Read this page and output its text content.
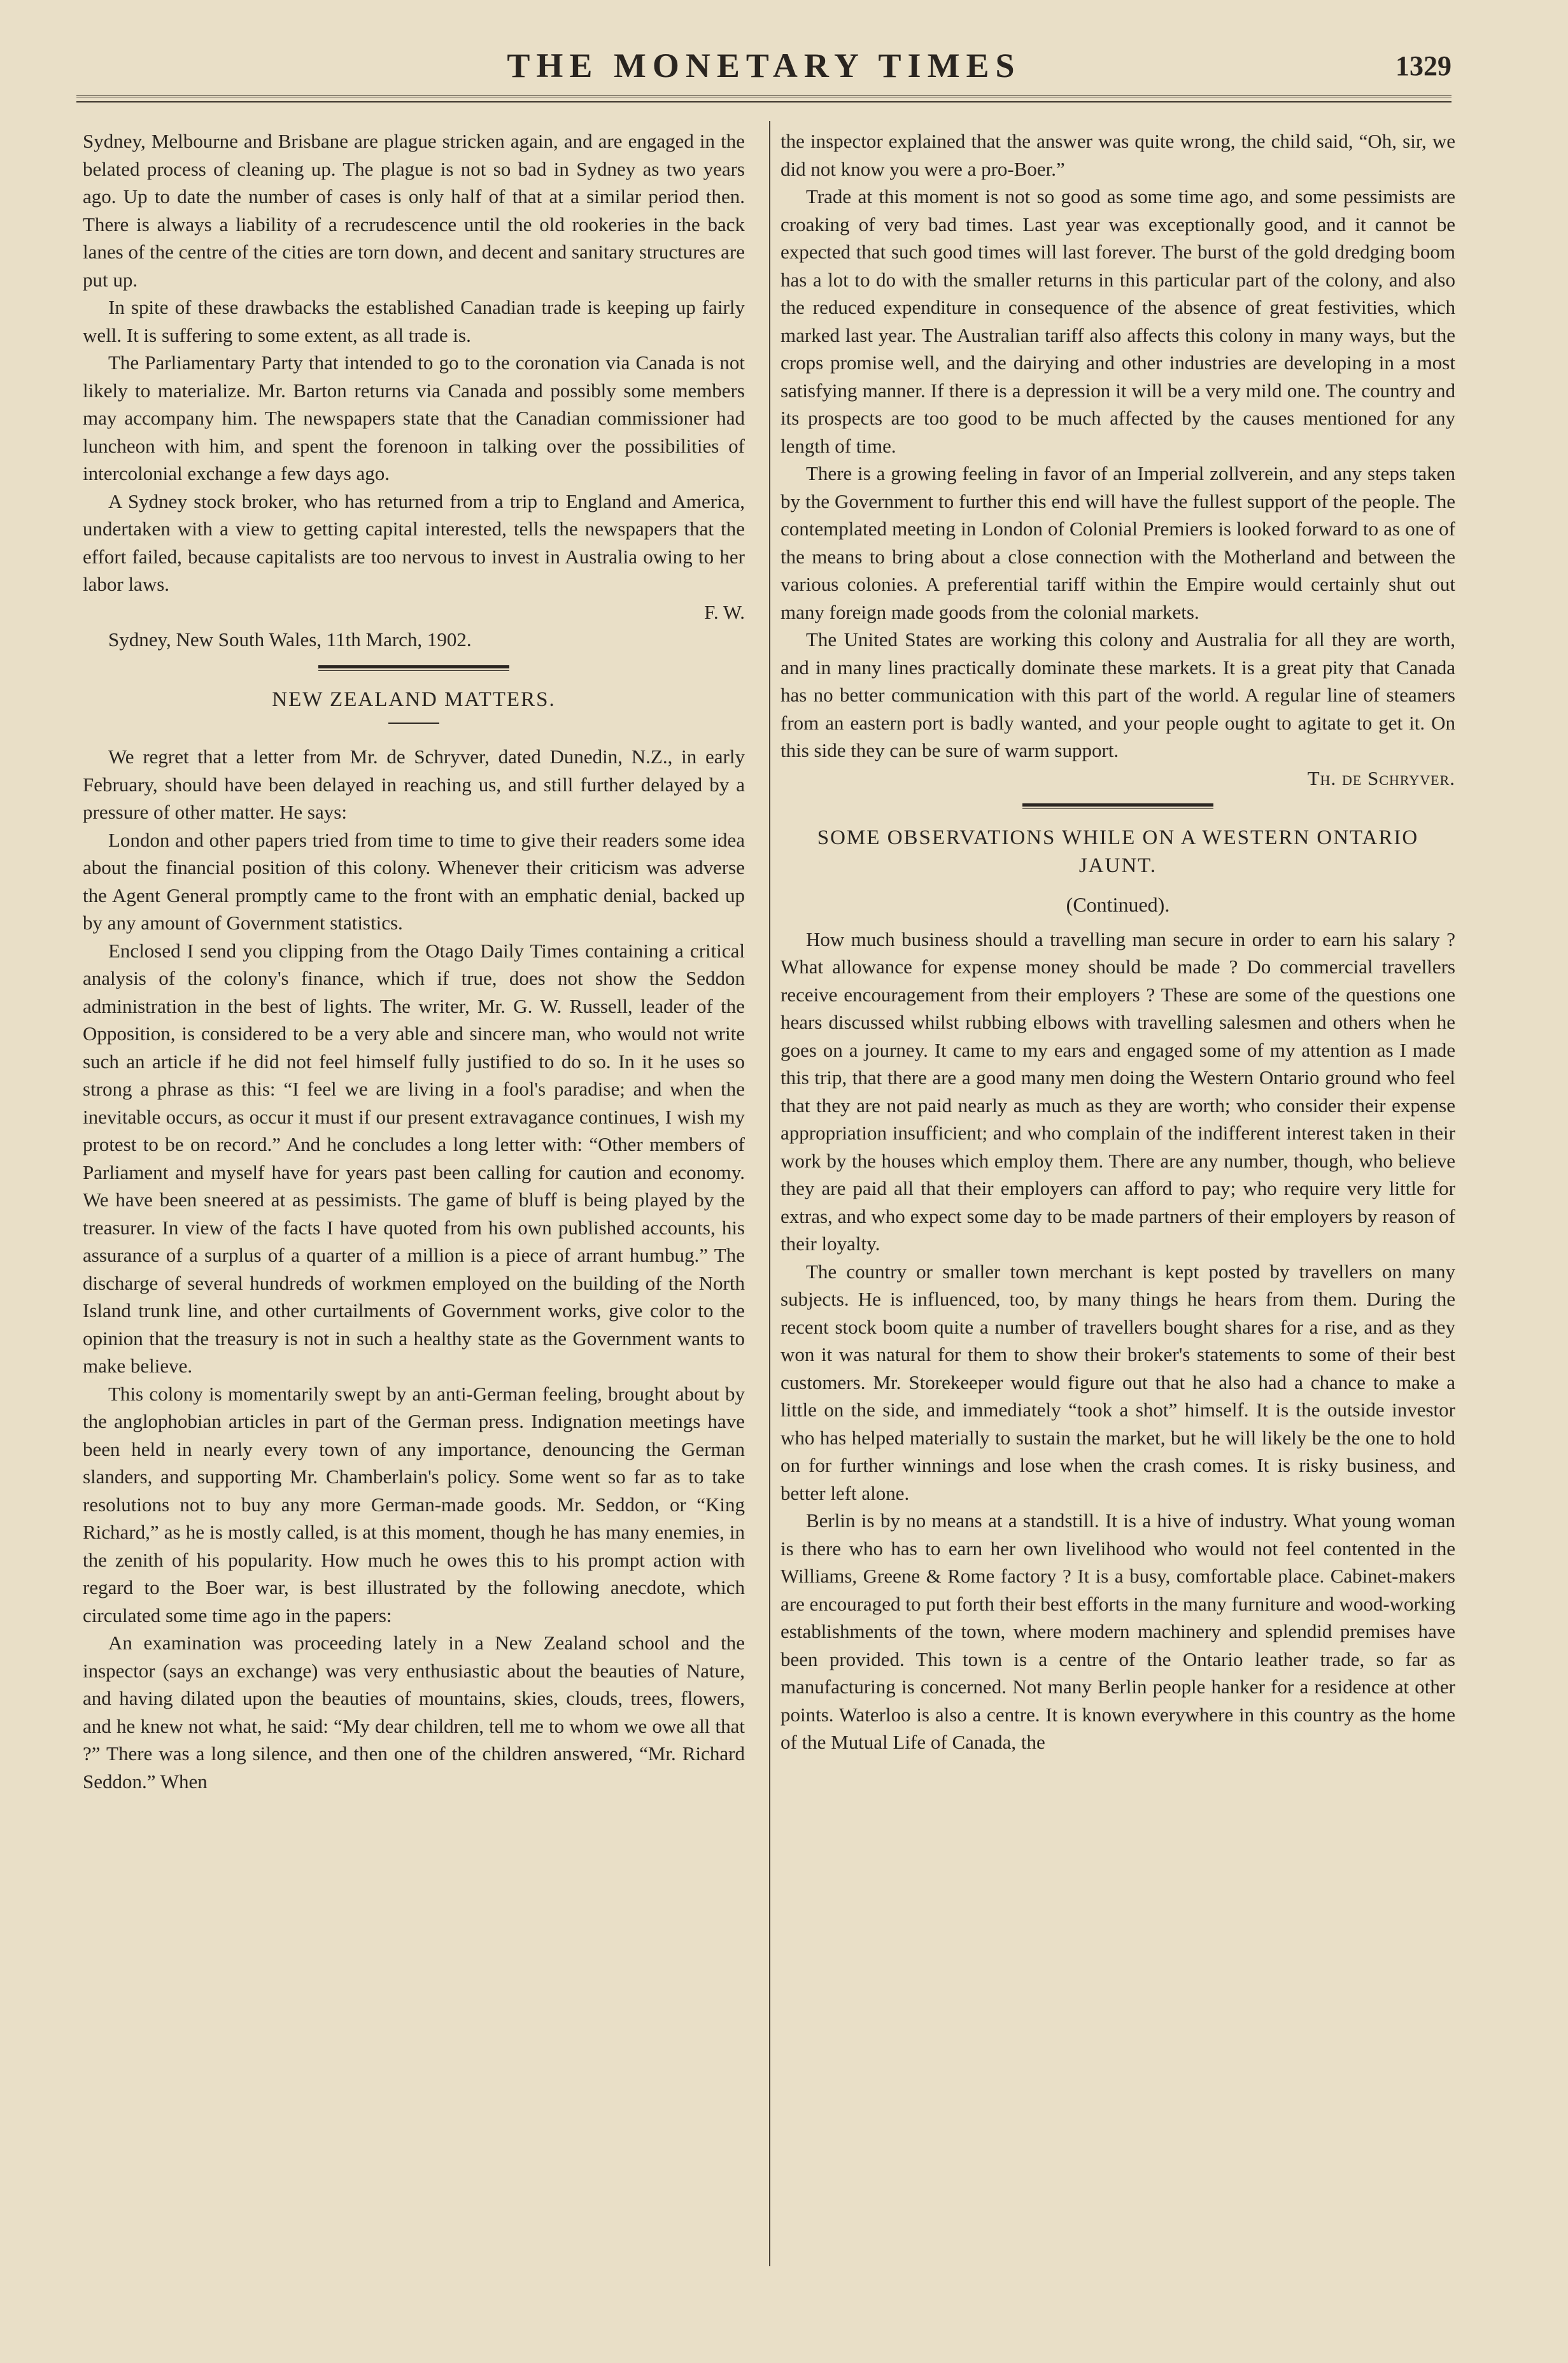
THE MONETARY TIMES	1329

Sydney, Melbourne and Brisbane are plague stricken again, and are engaged in the belated process of cleaning up. The plague is not so bad in Sydney as two years ago. Up to date the number of cases is only half of that at a similar period then. There is always a liability of a recrudescence until the old rookeries in the back lanes of the centre of the cities are torn down, and decent and sanitary structures are put up.

In spite of these drawbacks the established Canadian trade is keeping up fairly well. It is suffering to some extent, as all trade is.

The Parliamentary Party that intended to go to the coronation via Canada is not likely to materialize. Mr. Barton returns via Canada and possibly some members may accompany him. The newspapers state that the Canadian commissioner had luncheon with him, and spent the forenoon in talking over the possibilities of intercolonial exchange a few days ago.

A Sydney stock broker, who has returned from a trip to England and America, undertaken with a view to getting capital interested, tells the newspapers that the effort failed, because capitalists are too nervous to invest in Australia owing to her labor laws.

F. W.

Sydney, New South Wales, 11th March, 1902.

NEW ZEALAND MATTERS.

We regret that a letter from Mr. de Schryver, dated Dunedin, N.Z., in early February, should have been delayed in reaching us, and still further delayed by a pressure of other matter. He says:

London and other papers tried from time to time to give their readers some idea about the financial position of this colony. Whenever their criticism was adverse the Agent General promptly came to the front with an emphatic denial, backed up by any amount of Government statistics.

Enclosed I send you clipping from the Otago Daily Times containing a critical analysis of the colony's finance, which if true, does not show the Seddon administration in the best of lights. The writer, Mr. G. W. Russell, leader of the Opposition, is considered to be a very able and sincere man, who would not write such an article if he did not feel himself fully justified to do so. In it he uses so strong a phrase as this: “I feel we are living in a fool's paradise; and when the inevitable occurs, as occur it must if our present extravagance continues, I wish my protest to be on record.” And he concludes a long letter with: “Other members of Parliament and myself have for years past been calling for caution and economy. We have been sneered at as pessimists. The game of bluff is being played by the treasurer. In view of the facts I have quoted from his own published accounts, his assurance of a surplus of a quarter of a million is a piece of arrant humbug.” The discharge of several hundreds of workmen employed on the building of the North Island trunk line, and other curtailments of Government works, give color to the opinion that the treasury is not in such a healthy state as the Government wants to make believe.

This colony is momentarily swept by an anti-German feeling, brought about by the anglophobian articles in part of the German press. Indignation meetings have been held in nearly every town of any importance, denouncing the German slanders, and supporting Mr. Chamberlain's policy. Some went so far as to take resolutions not to buy any more German-made goods. Mr. Seddon, or “King Richard,” as he is mostly called, is at this moment, though he has many enemies, in the zenith of his popularity. How much he owes this to his prompt action with regard to the Boer war, is best illustrated by the following anecdote, which circulated some time ago in the papers:

An examination was proceeding lately in a New Zealand school and the inspector (says an exchange) was very enthusiastic about the beauties of Nature, and having dilated upon the beauties of mountains, skies, clouds, trees, flowers, and he knew not what, he said: “My dear children, tell me to whom we owe all that ?” There was a long silence, and then one of the children answered, “Mr. Richard Seddon.” When

the inspector explained that the answer was quite wrong, the child said, “Oh, sir, we did not know you were a pro-Boer.”

Trade at this moment is not so good as some time ago, and some pessimists are croaking of very bad times. Last year was exceptionally good, and it cannot be expected that such good times will last forever. The burst of the gold dredging boom has a lot to do with the smaller returns in this particular part of the colony, and also the reduced expenditure in consequence of the absence of great festivities, which marked last year. The Australian tariff also affects this colony in many ways, but the crops promise well, and the dairying and other industries are developing in a most satisfying manner. If there is a depression it will be a very mild one. The country and its prospects are too good to be much affected by the causes mentioned for any length of time.

There is a growing feeling in favor of an Imperial zollverein, and any steps taken by the Government to further this end will have the fullest support of the people. The contemplated meeting in London of Colonial Premiers is looked forward to as one of the means to bring about a close connection with the Motherland and between the various colonies. A preferential tariff within the Empire would certainly shut out many foreign made goods from the colonial markets.

The United States are working this colony and Australia for all they are worth, and in many lines practically dominate these markets. It is a great pity that Canada has no better communication with this part of the world. A regular line of steamers from an eastern port is badly wanted, and your people ought to agitate to get it. On this side they can be sure of warm support.

Th. de Schryver.

SOME OBSERVATIONS WHILE ON A WESTERN ONTARIO JAUNT.
(Continued).

How much business should a travelling man secure in order to earn his salary ? What allowance for expense money should be made ? Do commercial travellers receive encouragement from their employers ? These are some of the questions one hears discussed whilst rubbing elbows with travelling salesmen and others when he goes on a journey. It came to my ears and engaged some of my attention as I made this trip, that there are a good many men doing the Western Ontario ground who feel that they are not paid nearly as much as they are worth; who consider their expense appropriation insufficient; and who complain of the indifferent interest taken in their work by the houses which employ them. There are any number, though, who believe they are paid all that their employers can afford to pay; who require very little for extras, and who expect some day to be made partners of their employers by reason of their loyalty.

The country or smaller town merchant is kept posted by travellers on many subjects. He is influenced, too, by many things he hears from them. During the recent stock boom quite a number of travellers bought shares for a rise, and as they won it was natural for them to show their broker's statements to some of their best customers. Mr. Storekeeper would figure out that he also had a chance to make a little on the side, and immediately “took a shot” himself. It is the outside investor who has helped materially to sustain the market, but he will likely be the one to hold on for further winnings and lose when the crash comes. It is risky business, and better left alone.

Berlin is by no means at a standstill. It is a hive of industry. What young woman is there who has to earn her own livelihood who would not feel contented in the Williams, Greene & Rome factory ? It is a busy, comfortable place. Cabinet-makers are encouraged to put forth their best efforts in the many furniture and wood-working establishments of the town, where modern machinery and splendid premises have been provided. This town is a centre of the Ontario leather trade, so far as manufacturing is concerned. Not many Berlin people hanker for a residence at other points. Waterloo is also a centre. It is known everywhere in this country as the home of the Mutual Life of Canada, the
